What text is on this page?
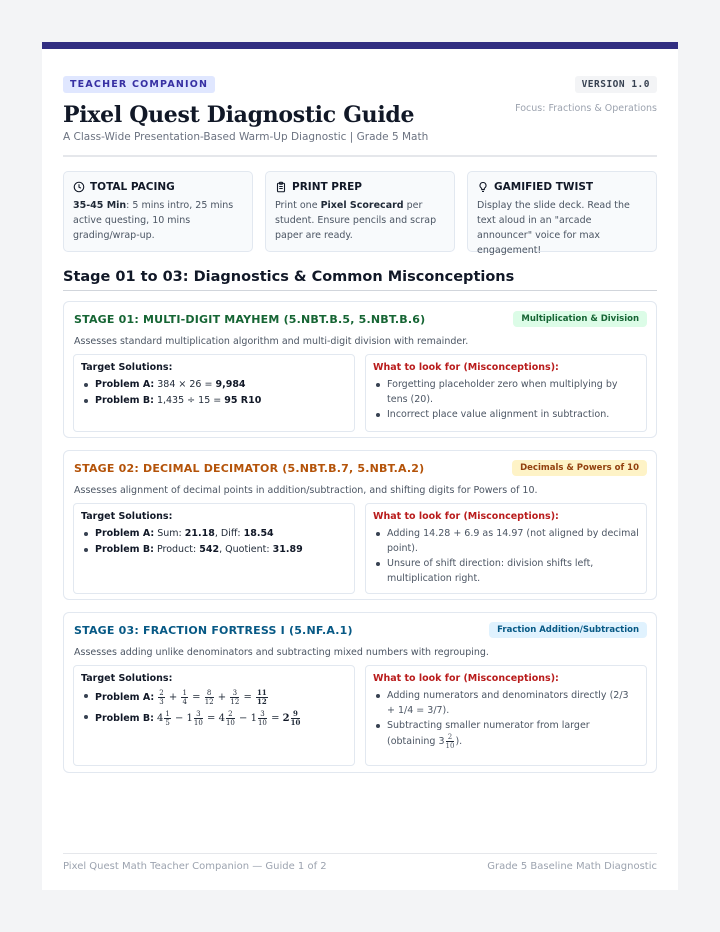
TEACHER COMPANION	VERSION 1.0
Focus: Fractions & Operations
Pixel Quest Diagnostic Guide
A Class-Wide Presentation-Based Warm-Up Diagnostic | Grade 5 Math
TOTAL PACING
35-45 Min: 5 mins intro, 25 mins active questing, 10 mins grading/wrap-up.
PRINT PREP
Print one Pixel Scorecard per student. Ensure pencils and scrap paper are ready.
GAMIFIED TWIST
Display the slide deck. Read the text aloud in an "arcade announcer" voice for max engagement!
Stage 01 to 03: Diagnostics & Common Misconceptions
STAGE 01: MULTI-DIGIT MAYHEM (5.NBT.B.5, 5.NBT.B.6)	Multiplication & Division
Assesses standard multiplication algorithm and multi-digit division with remainder.
Target Solutions:
Problem A: 384 × 26 = 9,984
Problem B: 1,435 ÷ 15 = 95 R10
What to look for (Misconceptions):
Forgetting placeholder zero when multiplying by tens (20).
Incorrect place value alignment in subtraction.
STAGE 02: DECIMAL DECIMATOR (5.NBT.B.7, 5.NBT.A.2)	Decimals & Powers of 10
Assesses alignment of decimal points in addition/subtraction, and shifting digits for Powers of 10.
Target Solutions:
Problem A: Sum: 21.18, Diff: 18.54
Problem B: Product: 542, Quotient: 31.89
What to look for (Misconceptions):
Adding 14.28 + 6.9 as 14.97 (not aligned by decimal point).
Unsure of shift direction: division shifts left, multiplication right.
STAGE 03: FRACTION FORTRESS I (5.NF.A.1)	Fraction Addition/Subtraction
Assesses adding unlike denominators and subtracting mixed numbers with regrouping.
Target Solutions:
Problem A: $\frac{2}{3} + \frac{1}{4} = \frac{8}{12} + \frac{3}{12} = \frac{11}{12}$
Problem B: $4 \frac{1}{5} - 1 \frac{3}{10} = 4 \frac{2}{10} - 1 \frac{3}{10} = 2 \frac{9}{10}$
What to look for (Misconceptions):
Adding numerators and denominators directly (2/3 + 1/4 = 3/7).
Subtracting smaller numerator from larger (obtaining $3 \frac{2}{10}$ ).
Pixel Quest Math Teacher Companion — Guide 1 of 2	Grade 5 Baseline Math Diagnostic
